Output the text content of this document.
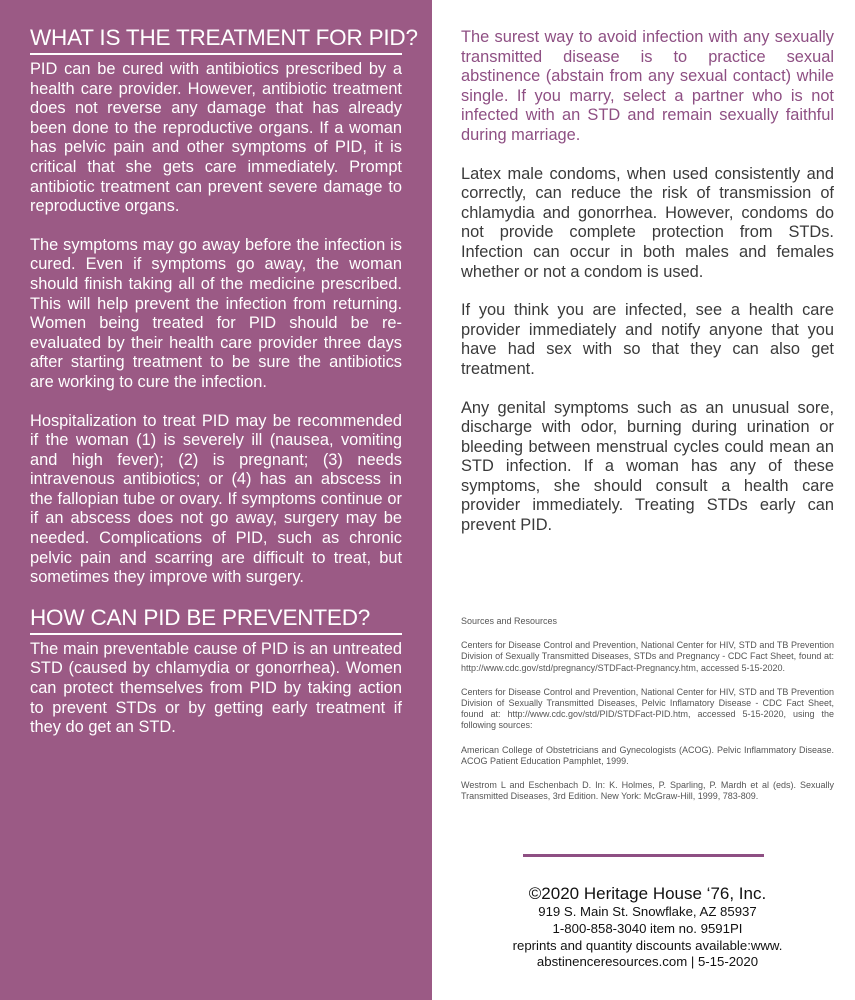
WHAT IS THE TREATMENT FOR PID?

PID can be cured with antibiotics prescribed by a health care provider. However, antibiotic treatment does not reverse any damage that has already been done to the reproductive organs. If a woman has pelvic pain and other symptoms of PID, it is critical that she gets care immediately. Prompt antibiotic treatment can prevent severe damage to reproductive organs.

The symptoms may go away before the infection is cured. Even if symptoms go away, the woman should finish taking all of the medicine prescribed. This will help prevent the infection from returning. Women being treated for PID should be re-evaluated by their health care provider three days after starting treatment to be sure the antibiotics are working to cure the infection.

Hospitalization to treat PID may be recommended if the woman (1) is severely ill (nausea, vomiting and high fever); (2) is pregnant; (3) needs intravenous antibiotics; or (4) has an abscess in the fallopian tube or ovary. If symptoms continue or if an abscess does not go away, surgery may be needed. Complications of PID, such as chronic pelvic pain and scarring are difficult to treat, but sometimes they improve with surgery.

HOW CAN PID BE PREVENTED?

The main preventable cause of PID is an untreated STD (caused by chlamydia or gonorrhea). Women can protect themselves from PID by taking action to prevent STDs or by getting early treatment if they do get an STD.

The surest way to avoid infection with any sexually transmitted disease is to practice sexual abstinence (abstain from any sexual contact) while single. If you marry, select a partner who is not infected with an STD and remain sexually faithful during marriage.

Latex male condoms, when used consistently and correctly, can reduce the risk of transmission of chlamydia and gonorrhea. However, condoms do not provide complete protection from STDs. Infection can occur in both males and females whether or not a condom is used.

If you think you are infected, see a health care provider immediately and notify anyone that you have had sex with so that they can also get treatment.

Any genital symptoms such as an unusual sore, discharge with odor, burning during urination or bleeding between menstrual cycles could mean an STD infection. If a woman has any of these symptoms, she should consult a health care provider immediately. Treating STDs early can prevent PID.

Sources and Resources

Centers for Disease Control and Prevention, National Center for HIV, STD and TB Prevention Division of Sexually Transmitted Diseases, STDs and Pregnancy - CDC Fact Sheet, found at: http://www.cdc.gov/std/pregnancy/STDFact-Pregnancy.htm, accessed 5-15-2020.

Centers for Disease Control and Prevention, National Center for HIV, STD and TB Prevention Division of Sexually Transmitted Diseases, Pelvic Inflamatory Disease - CDC Fact Sheet, found at: http://www.cdc.gov/std/PID/STDFact-PID.htm, accessed 5-15-2020, using the following sources:

American College of Obstetricians and Gynecologists (ACOG). Pelvic Inflammatory Disease. ACOG Patient Education Pamphlet, 1999.

Westrom L and Eschenbach D. In: K. Holmes, P. Sparling, P. Mardh et al (eds). Sexually Transmitted Diseases, 3rd Edition. New York: McGraw-Hill, 1999, 783-809.

©2020 Heritage House ‘76, Inc.
919 S. Main St. Snowflake, AZ 85937
1-800-858-3040 item no. 9591PI
reprints and quantity discounts available:www.
abstinenceresources.com | 5-15-2020
